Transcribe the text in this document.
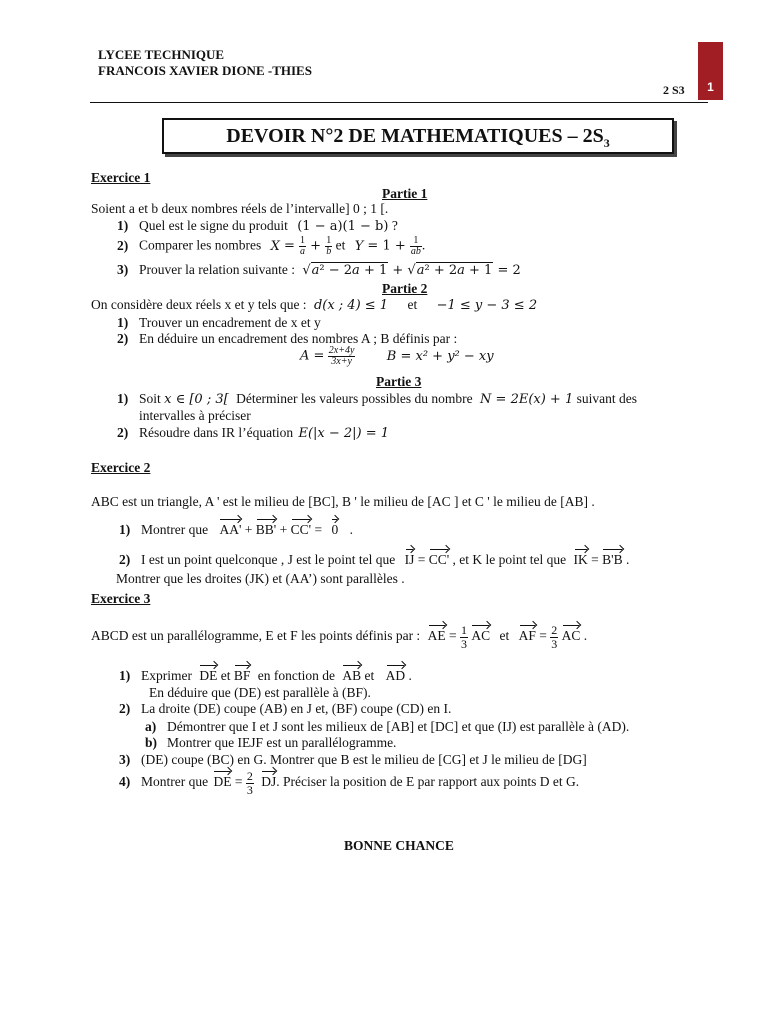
LYCEE TECHNIQUE
FRANCOIS XAVIER DIONE -THIES
2 S3	1
DEVOIR N°2 DE MATHEMATIQUES – $2S_3$
Exercice 1
Partie 1
Soient a et b deux nombres réels de l’intervalle] 0 ; 1 [.
1) Quel est le signe du produit (1 − a)(1 − b) ?
2) Comparer les nombres $X = \frac{1}{a} + \frac{1}{b}$ et $Y = 1 + \frac{1}{ab}$ .
3) Prouver la relation suivante : √a² − 2a + 1 + √a² + 2a + 1 = 2
Partie 2
On considère deux réels x et y tels que : d(x ; 4) ≤ 1 et −1 ≤ y − 3 ≤ 2
1) Trouver un encadrement de x et y
2) En déduire un encadrement des nombres A ; B définis par :
$A = \frac{2x+4y}{3x+y}$ B = x² + y² − xy
Partie 3
1) Soit x ∈ [0 ; 3[ Déterminer les valeurs possibles du nombre N = 2E(x) + 1 suivant des
intervalles à préciser
2) Résoudre dans IR l’équation E(|x − 2|) = 1
Exercice 2
ABC est un triangle, A ' est le milieu de [BC], B ' le milieu de [AC ] et C ' le milieu de [AB] .
1) Montrer que AA' + BB' + CC' = 0 .
2) I est un point quelconque , J est le point tel que IJ = CC' , et K le point tel que IK = B'B .
Montrer que les droites (JK) et (AA’) sont parallèles .
Exercice 3
ABCD est un parallélogramme, E et F les points définis par : AE = $\frac{1}{3}$ AC et AF = $\frac{2}{3}$ AC .
1) Exprimer DE et BF en fonction de AB et AD .
En déduire que (DE) est parallèle à (BF).
2) La droite (DE) coupe (AB) en J et, (BF) coupe (CD) en I.
a) Démontrer que I et J sont les milieux de [AB] et [DC] et que (IJ) est parallèle à (AD).
b) Montrer que IEJF est un parallélogramme.
3) (DE) coupe (BC) en G. Montrer que B est le milieu de [CG] et J le milieu de [DG]
4) Montrer que DE = $\frac{2}{3}$ DJ. Préciser la position de E par rapport aux points D et G.
BONNE CHANCE
